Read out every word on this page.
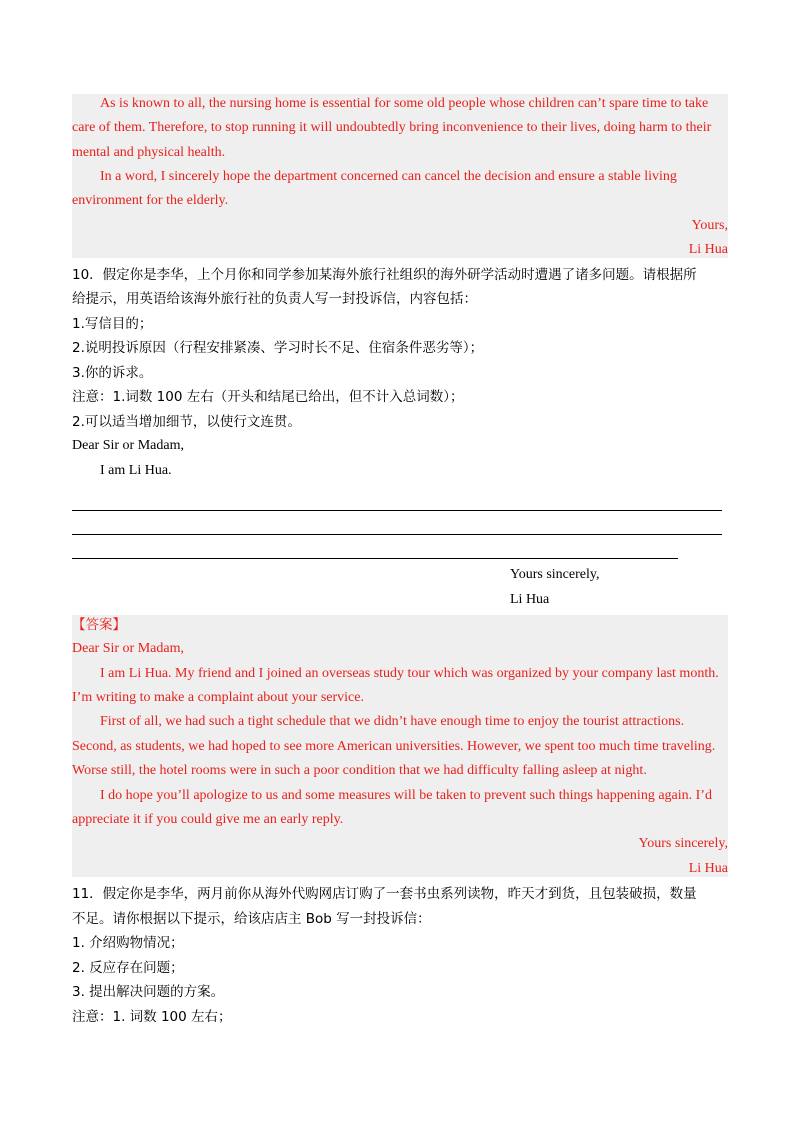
As is known to all, the nursing home is essential for some old people whose children can’t spare time to take
care of them. Therefore, to stop running it will undoubtedly bring inconvenience to their lives, doing harm to their
mental and physical health.
In a word, I sincerely hope the department concerned can cancel the decision and ensure a stable living
environment for the elderly.
Yours,
Li Hua
10．假定你是李华，上个月你和同学参加某海外旅行社组织的海外研学活动时遭遇了诸多问题。请根据所
给提示，用英语给该海外旅行社的负责人写一封投诉信，内容包括：
1.写信目的；
2.说明投诉原因（行程安排紧凑、学习时长不足、住宿条件恶劣等）；
3.你的诉求。
注意：1.词数 100 左右（开头和结尾已给出，但不计入总词数）；
2.可以适当增加细节，以使行文连贯。
Dear Sir or Madam,
I am Li Hua.
Yours sincerely,
Li Hua
【答案】
Dear Sir or Madam,
I am Li Hua. My friend and I joined an overseas study tour which was organized by your company last month.
I’m writing to make a complaint about your service.
First of all, we had such a tight schedule that we didn’t have enough time to enjoy the tourist attractions.
Second, as students, we had hoped to see more American universities. However, we spent too much time traveling.
Worse still, the hotel rooms were in such a poor condition that we had difficulty falling asleep at night.
I do hope you’ll apologize to us and some measures will be taken to prevent such things happening again. I’d
appreciate it if you could give me an early reply.
Yours sincerely,
Li Hua
11．假定你是李华，两月前你从海外代购网店订购了一套书虫系列读物，昨天才到货，且包装破损，数量
不足。请你根据以下提示，给该店店主 Bob 写一封投诉信：
1. 介绍购物情况；
2. 反应存在问题；
3. 提出解决问题的方案。
注意：1. 词数 100 左右；
